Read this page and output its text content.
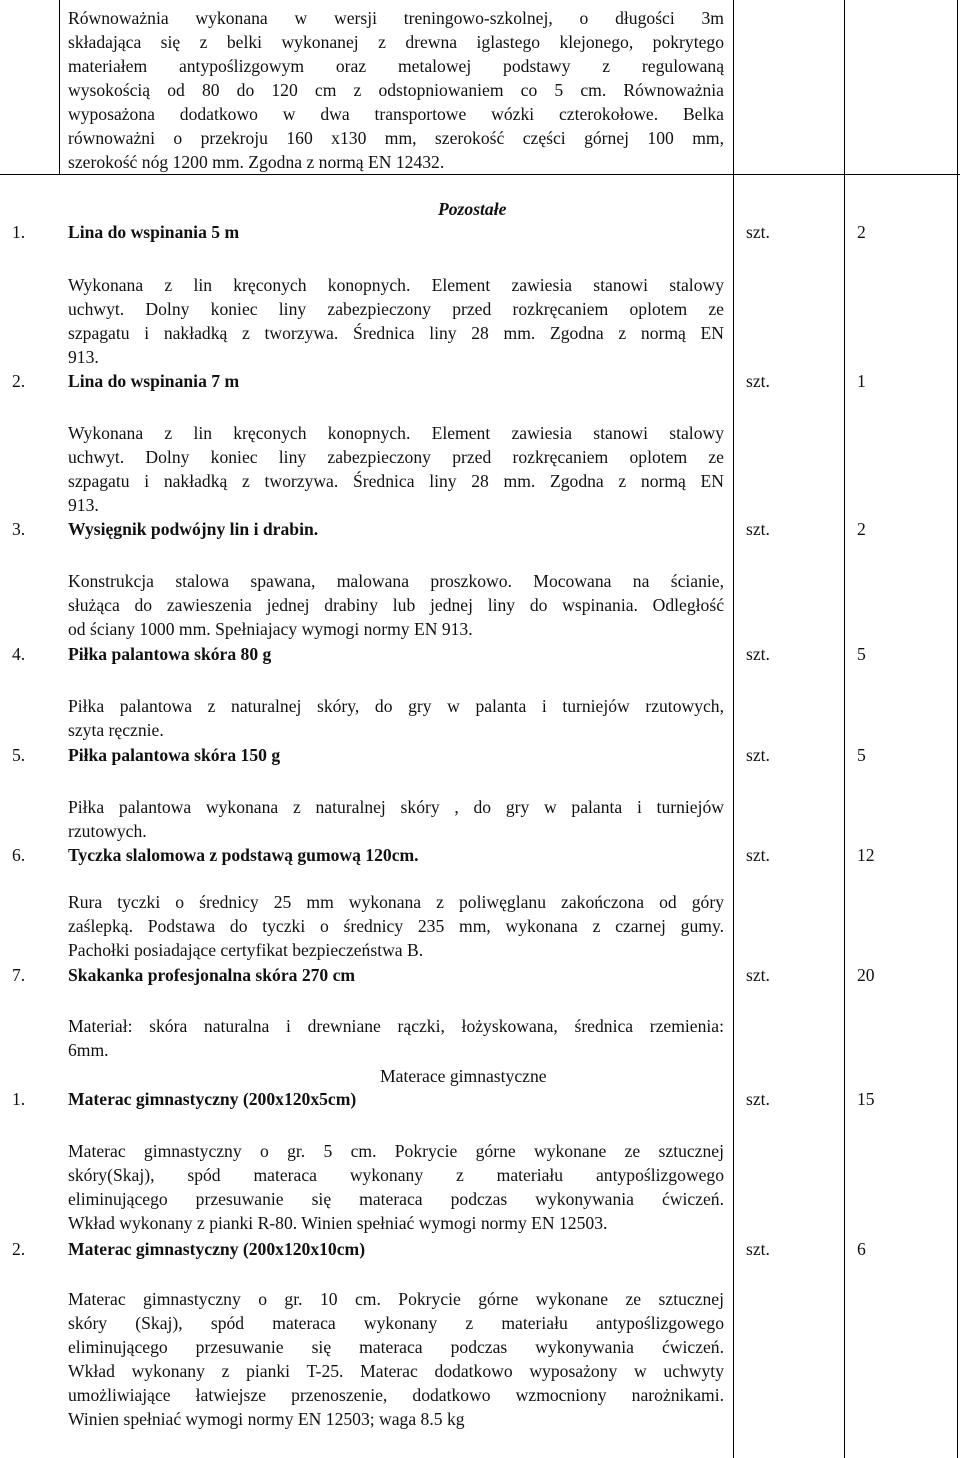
Równoważnia wykonana w wersji treningowo-szkolnej, o długości 3m
składająca się z belki wykonanej z drewna iglastego klejonego, pokrytego
materiałem antypoślizgowym oraz metalowej podstawy z regulowaną
wysokością od 80 do 120 cm z odstopniowaniem co 5 cm. Równoważnia
wyposażona dodatkowo w dwa transportowe wózki czterokołowe. Belka
równoważni o przekroju 160 x130 mm, szerokość części górnej 100 mm,
szerokość nóg 1200 mm. Zgodna z normą EN 12432.
Pozostałe
1. Lina do wspinania 5 m	szt.	2
Wykonana z lin kręconych konopnych. Element zawiesia stanowi stalowy
uchwyt. Dolny koniec liny zabezpieczony przed rozkręcaniem oplotem ze
szpagatu i nakładką z tworzywa. Średnica liny 28 mm. Zgodna z normą EN
913.
2. Lina do wspinania 7 m	szt.	1
Wykonana z lin kręconych konopnych. Element zawiesia stanowi stalowy
uchwyt. Dolny koniec liny zabezpieczony przed rozkręcaniem oplotem ze
szpagatu i nakładką z tworzywa. Średnica liny 28 mm. Zgodna z normą EN
913.
3. Wysięgnik podwójny lin i drabin.	szt.	2
Konstrukcja stalowa spawana, malowana proszkowo. Mocowana na ścianie,
służąca do zawieszenia jednej drabiny lub jednej liny do wspinania. Odległość
od ściany 1000 mm. Spełniajacy wymogi normy EN 913.
4. Piłka palantowa skóra 80 g	szt.	5
Piłka palantowa z naturalnej skóry, do gry w palanta i turniejów rzutowych,
szyta ręcznie.
5. Piłka palantowa skóra 150 g	szt.	5
Piłka palantowa wykonana z naturalnej skóry , do gry w palanta i turniejów
rzutowych.
6. Tyczka slalomowa z podstawą gumową 120cm.	szt.	12
Rura tyczki o średnicy 25 mm wykonana z poliwęglanu zakończona od góry
zaślepką. Podstawa do tyczki o średnicy 235 mm, wykonana z czarnej gumy.
Pachołki posiadające certyfikat bezpieczeństwa B.
7. Skakanka profesjonalna skóra 270 cm	szt.	20
Materiał: skóra naturalna i drewniane rączki, łożyskowana, średnica rzemienia:
6mm.
Materace gimnastyczne
1. Materac gimnastyczny (200x120x5cm)	szt.	15
Materac gimnastyczny o gr. 5 cm. Pokrycie górne wykonane ze sztucznej
skóry(Skaj), spód materaca wykonany z materiału antypoślizgowego
eliminującego przesuwanie się materaca podczas wykonywania ćwiczeń.
Wkład wykonany z pianki R-80. Winien spełniać wymogi normy EN 12503.
2. Materac gimnastyczny (200x120x10cm)	szt.	6
Materac gimnastyczny o gr. 10 cm. Pokrycie górne wykonane ze sztucznej
skóry (Skaj), spód materaca wykonany z materiału antypoślizgowego
eliminującego przesuwanie się materaca podczas wykonywania ćwiczeń.
Wkład wykonany z pianki T-25. Materac dodatkowo wyposażony w uchwyty
umożliwiające łatwiejsze przenoszenie, dodatkowo wzmocniony narożnikami.
Winien spełniać wymogi normy EN 12503; waga 8.5 kg
